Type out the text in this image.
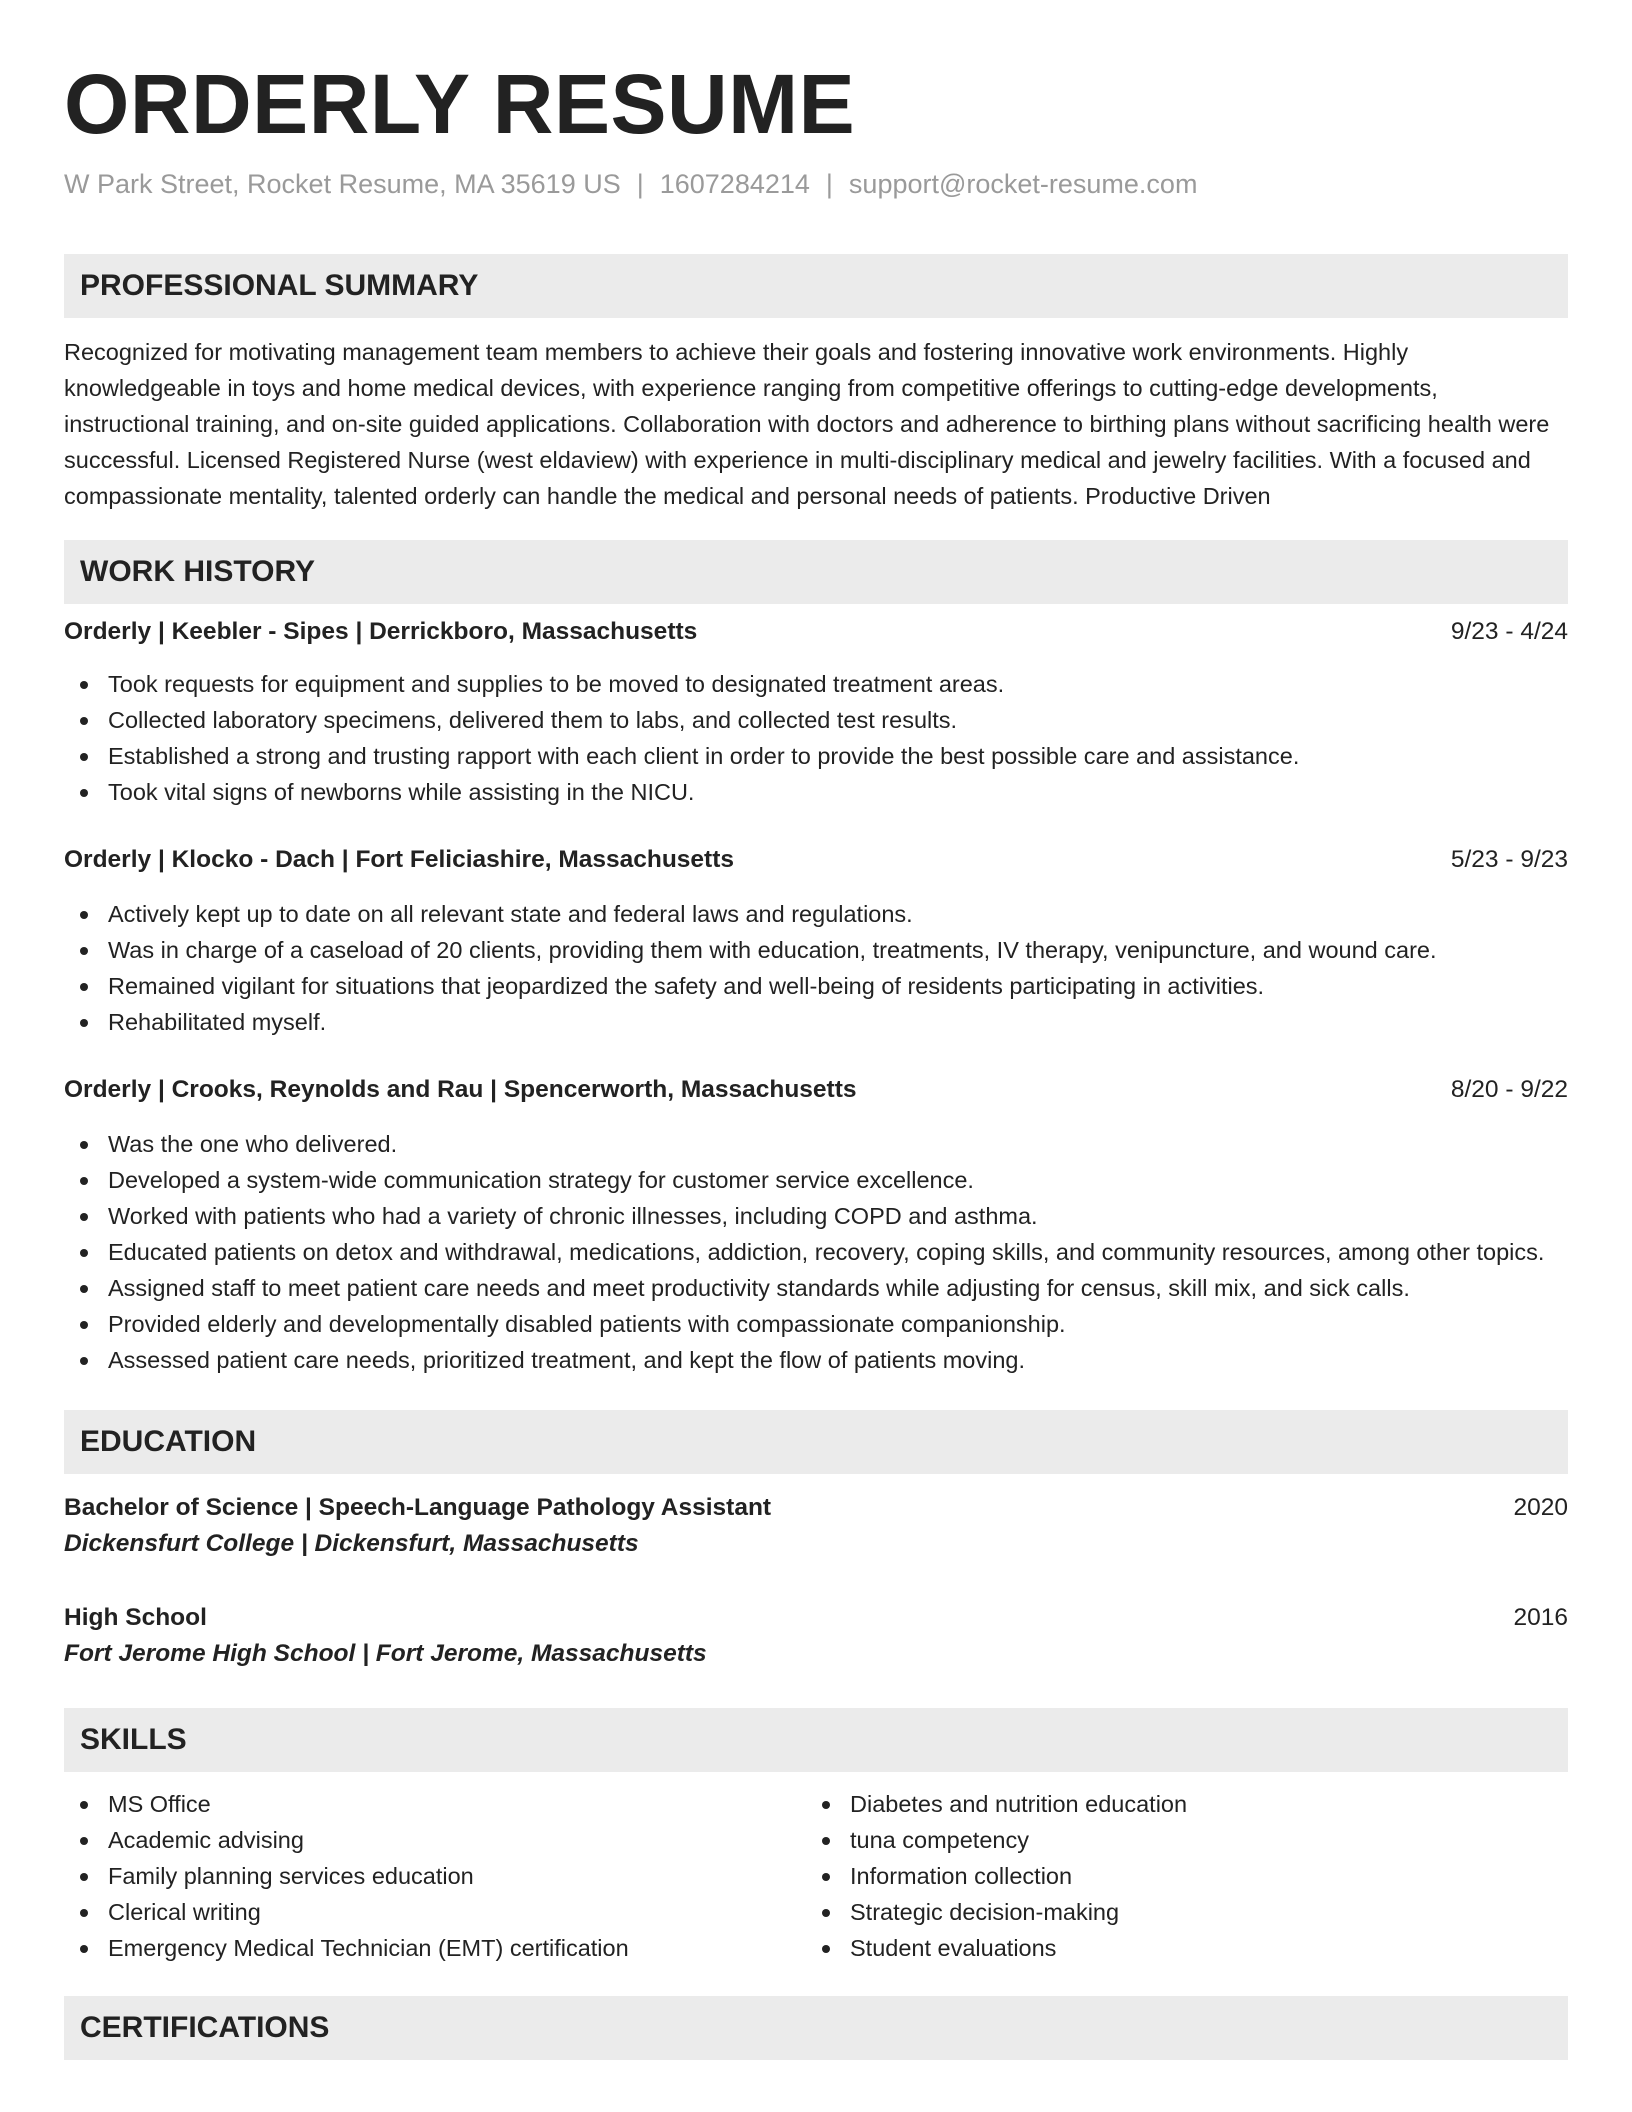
ORDERLY RESUME
W Park Street, Rocket Resume, MA 35619 US | 1607284214 | support@rocket-resume.com
PROFESSIONAL SUMMARY
Recognized for motivating management team members to achieve their goals and fostering innovative work environments. Highly knowledgeable in toys and home medical devices, with experience ranging from competitive offerings to cutting-edge developments, instructional training, and on-site guided applications. Collaboration with doctors and adherence to birthing plans without sacrificing health were successful. Licensed Registered Nurse (west eldaview) with experience in multi-disciplinary medical and jewelry facilities. With a focused and compassionate mentality, talented orderly can handle the medical and personal needs of patients. Productive Driven
WORK HISTORY
Orderly | Keebler - Sipes | Derrickboro, Massachusetts	9/23 - 4/24
Took requests for equipment and supplies to be moved to designated treatment areas.
Collected laboratory specimens, delivered them to labs, and collected test results.
Established a strong and trusting rapport with each client in order to provide the best possible care and assistance.
Took vital signs of newborns while assisting in the NICU.
Orderly | Klocko - Dach | Fort Feliciashire, Massachusetts	5/23 - 9/23
Actively kept up to date on all relevant state and federal laws and regulations.
Was in charge of a caseload of 20 clients, providing them with education, treatments, IV therapy, venipuncture, and wound care.
Remained vigilant for situations that jeopardized the safety and well-being of residents participating in activities.
Rehabilitated myself.
Orderly | Crooks, Reynolds and Rau | Spencerworth, Massachusetts	8/20 - 9/22
Was the one who delivered.
Developed a system-wide communication strategy for customer service excellence.
Worked with patients who had a variety of chronic illnesses, including COPD and asthma.
Educated patients on detox and withdrawal, medications, addiction, recovery, coping skills, and community resources, among other topics.
Assigned staff to meet patient care needs and meet productivity standards while adjusting for census, skill mix, and sick calls.
Provided elderly and developmentally disabled patients with compassionate companionship.
Assessed patient care needs, prioritized treatment, and kept the flow of patients moving.
EDUCATION
Bachelor of Science | Speech-Language Pathology Assistant	2020
Dickensfurt College | Dickensfurt, Massachusetts
High School	2016
Fort Jerome High School | Fort Jerome, Massachusetts
SKILLS
MS Office
Academic advising
Family planning services education
Clerical writing
Emergency Medical Technician (EMT) certification
Diabetes and nutrition education
tuna competency
Information collection
Strategic decision-making
Student evaluations
CERTIFICATIONS
